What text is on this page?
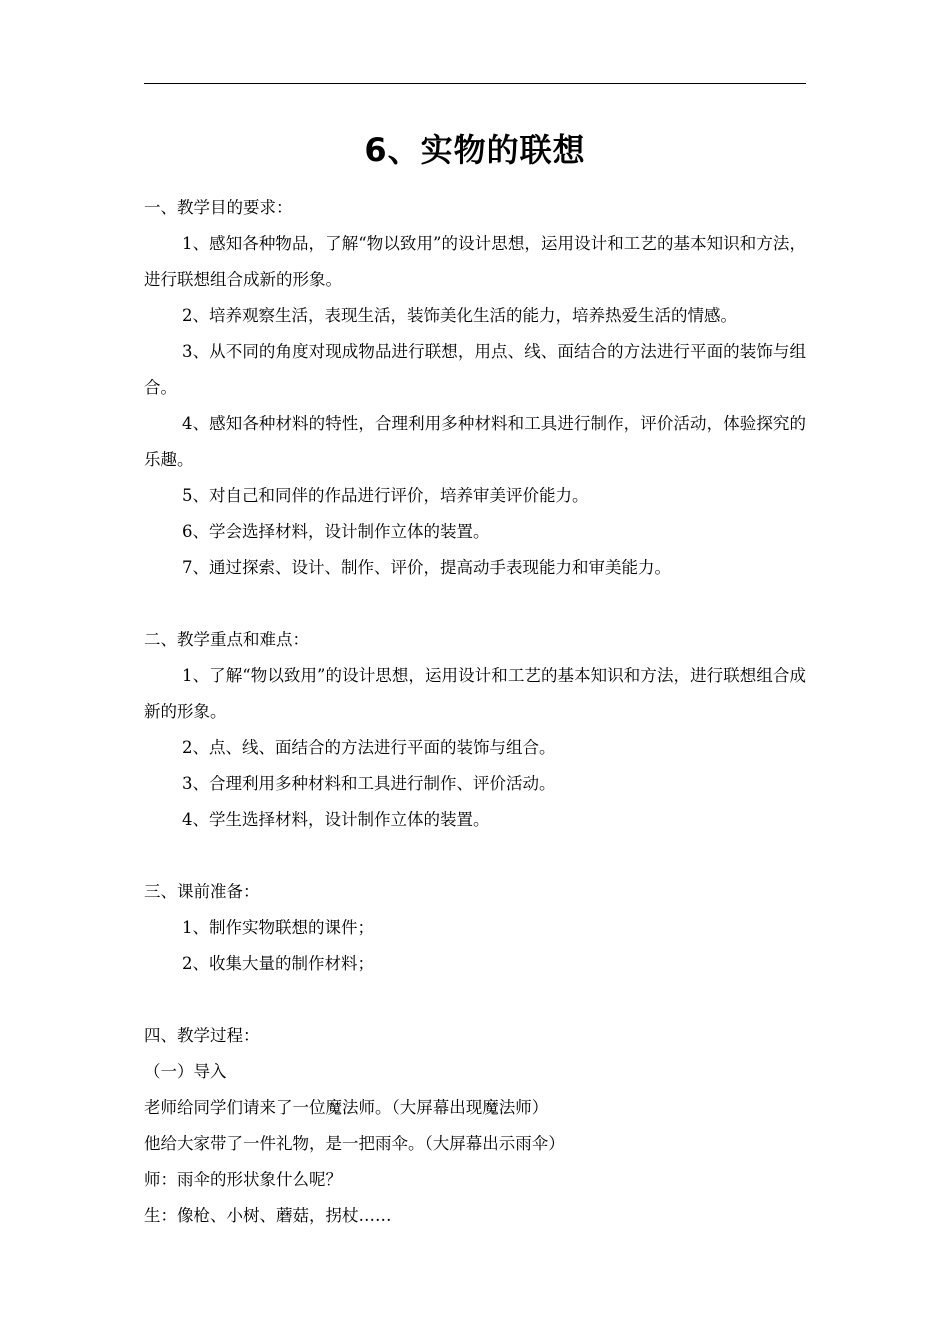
6、实物的联想

一、教学目的要求：

1、感知各种物品，了解“物以致用”的设计思想，运用设计和工艺的基本知识和方法，进行联想组合成新的形象。

2、培养观察生活，表现生活，装饰美化生活的能力，培养热爱生活的情感。

3、从不同的角度对现成物品进行联想，用点、线、面结合的方法进行平面的装饰与组合。

4、感知各种材料的特性，合理利用多种材料和工具进行制作，评价活动，体验探究的乐趣。

5、对自己和同伴的作品进行评价，培养审美评价能力。

6、学会选择材料，设计制作立体的装置。

7、通过探索、设计、制作、评价，提高动手表现能力和审美能力。

二、教学重点和难点：

1、了解“物以致用”的设计思想，运用设计和工艺的基本知识和方法，进行联想组合成新的形象。

2、点、线、面结合的方法进行平面的装饰与组合。

3、合理利用多种材料和工具进行制作、评价活动。

4、学生选择材料，设计制作立体的装置。

三、课前准备：

1、制作实物联想的课件；

2、收集大量的制作材料；

四、教学过程：

（一）导入

老师给同学们请来了一位魔法师。（大屏幕出现魔法师）

他给大家带了一件礼物，是一把雨伞。（大屏幕出示雨伞）

师：雨伞的形状象什么呢？

生：像枪、小树、蘑菇，拐杖……
